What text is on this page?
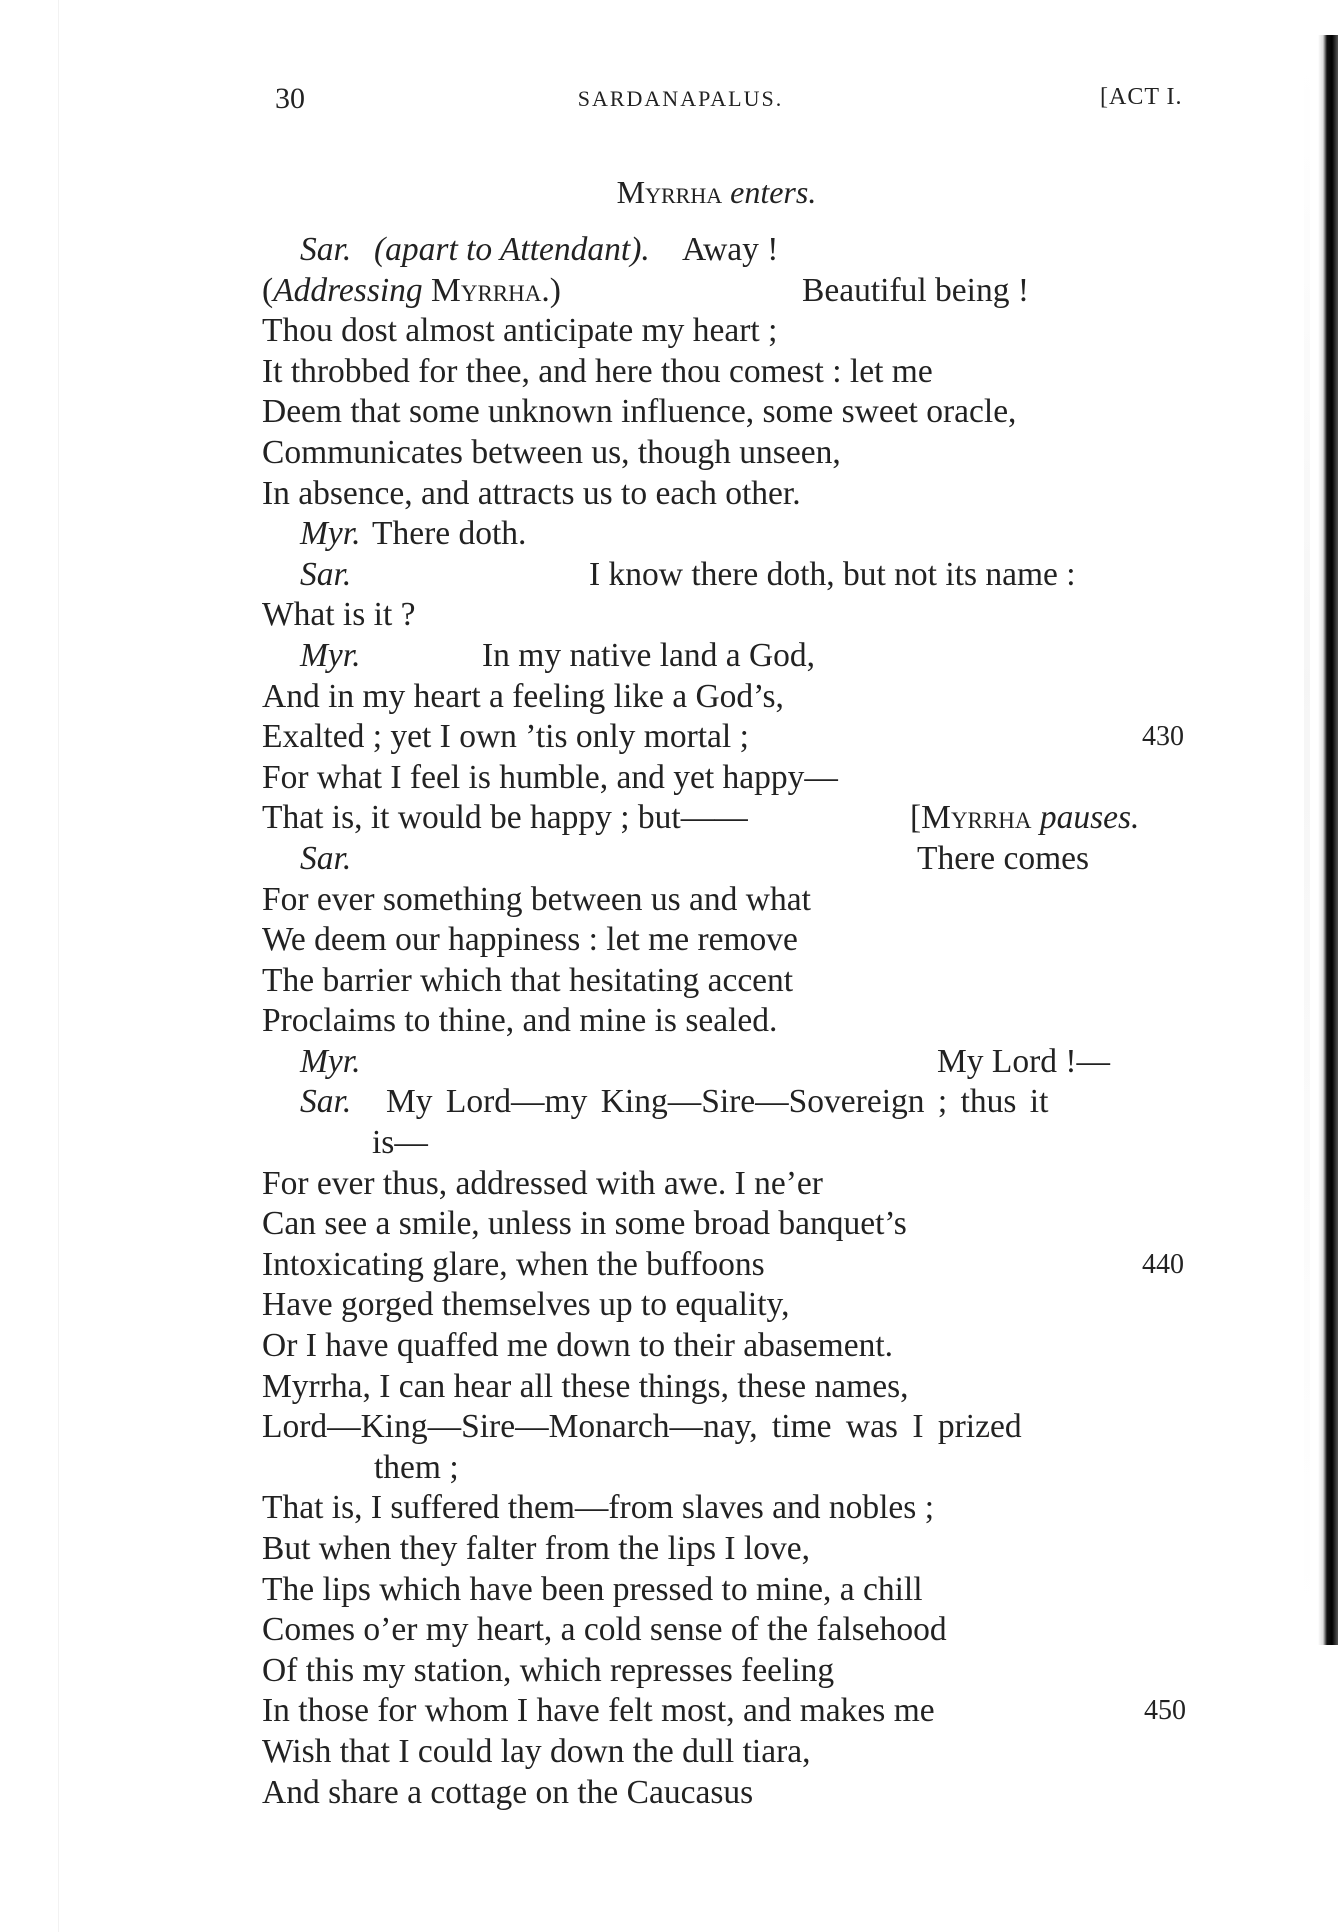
30	SARDANAPALUS.	[ACT I.
Myrrha enters.
Sar. (apart to Attendant). Away !
(Addressing Myrrha.)	Beautiful being !
Thou dost almost anticipate my heart ;
It throbbed for thee, and here thou comest : let me
Deem that some unknown influence, some sweet oracle,
Communicates between us, though unseen,
In absence, and attracts us to each other.
Myr. There doth.
Sar.	I know there doth, but not its name :
What is it ?
Myr.	In my native land a God,
And in my heart a feeling like a God’s,
Exalted ; yet I own ’tis only mortal ;	430
For what I feel is humble, and yet happy—
That is, it would be happy ; but——	[Myrrha pauses.
Sar.	There comes
For ever something between us and what
We deem our happiness : let me remove
The barrier which that hesitating accent
Proclaims to thine, and mine is sealed.
Myr.	My Lord !—
Sar. My Lord—my King—Sire—Sovereign ; thus it
is—
For ever thus, addressed with awe. I ne’er
Can see a smile, unless in some broad banquet’s
Intoxicating glare, when the buffoons	440
Have gorged themselves up to equality,
Or I have quaffed me down to their abasement.
Myrrha, I can hear all these things, these names,
Lord—King—Sire—Monarch—nay, time was I prized
them ;
That is, I suffered them—from slaves and nobles ;
But when they falter from the lips I love,
The lips which have been pressed to mine, a chill
Comes o’er my heart, a cold sense of the falsehood
Of this my station, which represses feeling
In those for whom I have felt most, and makes me	450
Wish that I could lay down the dull tiara,
And share a cottage on the Caucasus
